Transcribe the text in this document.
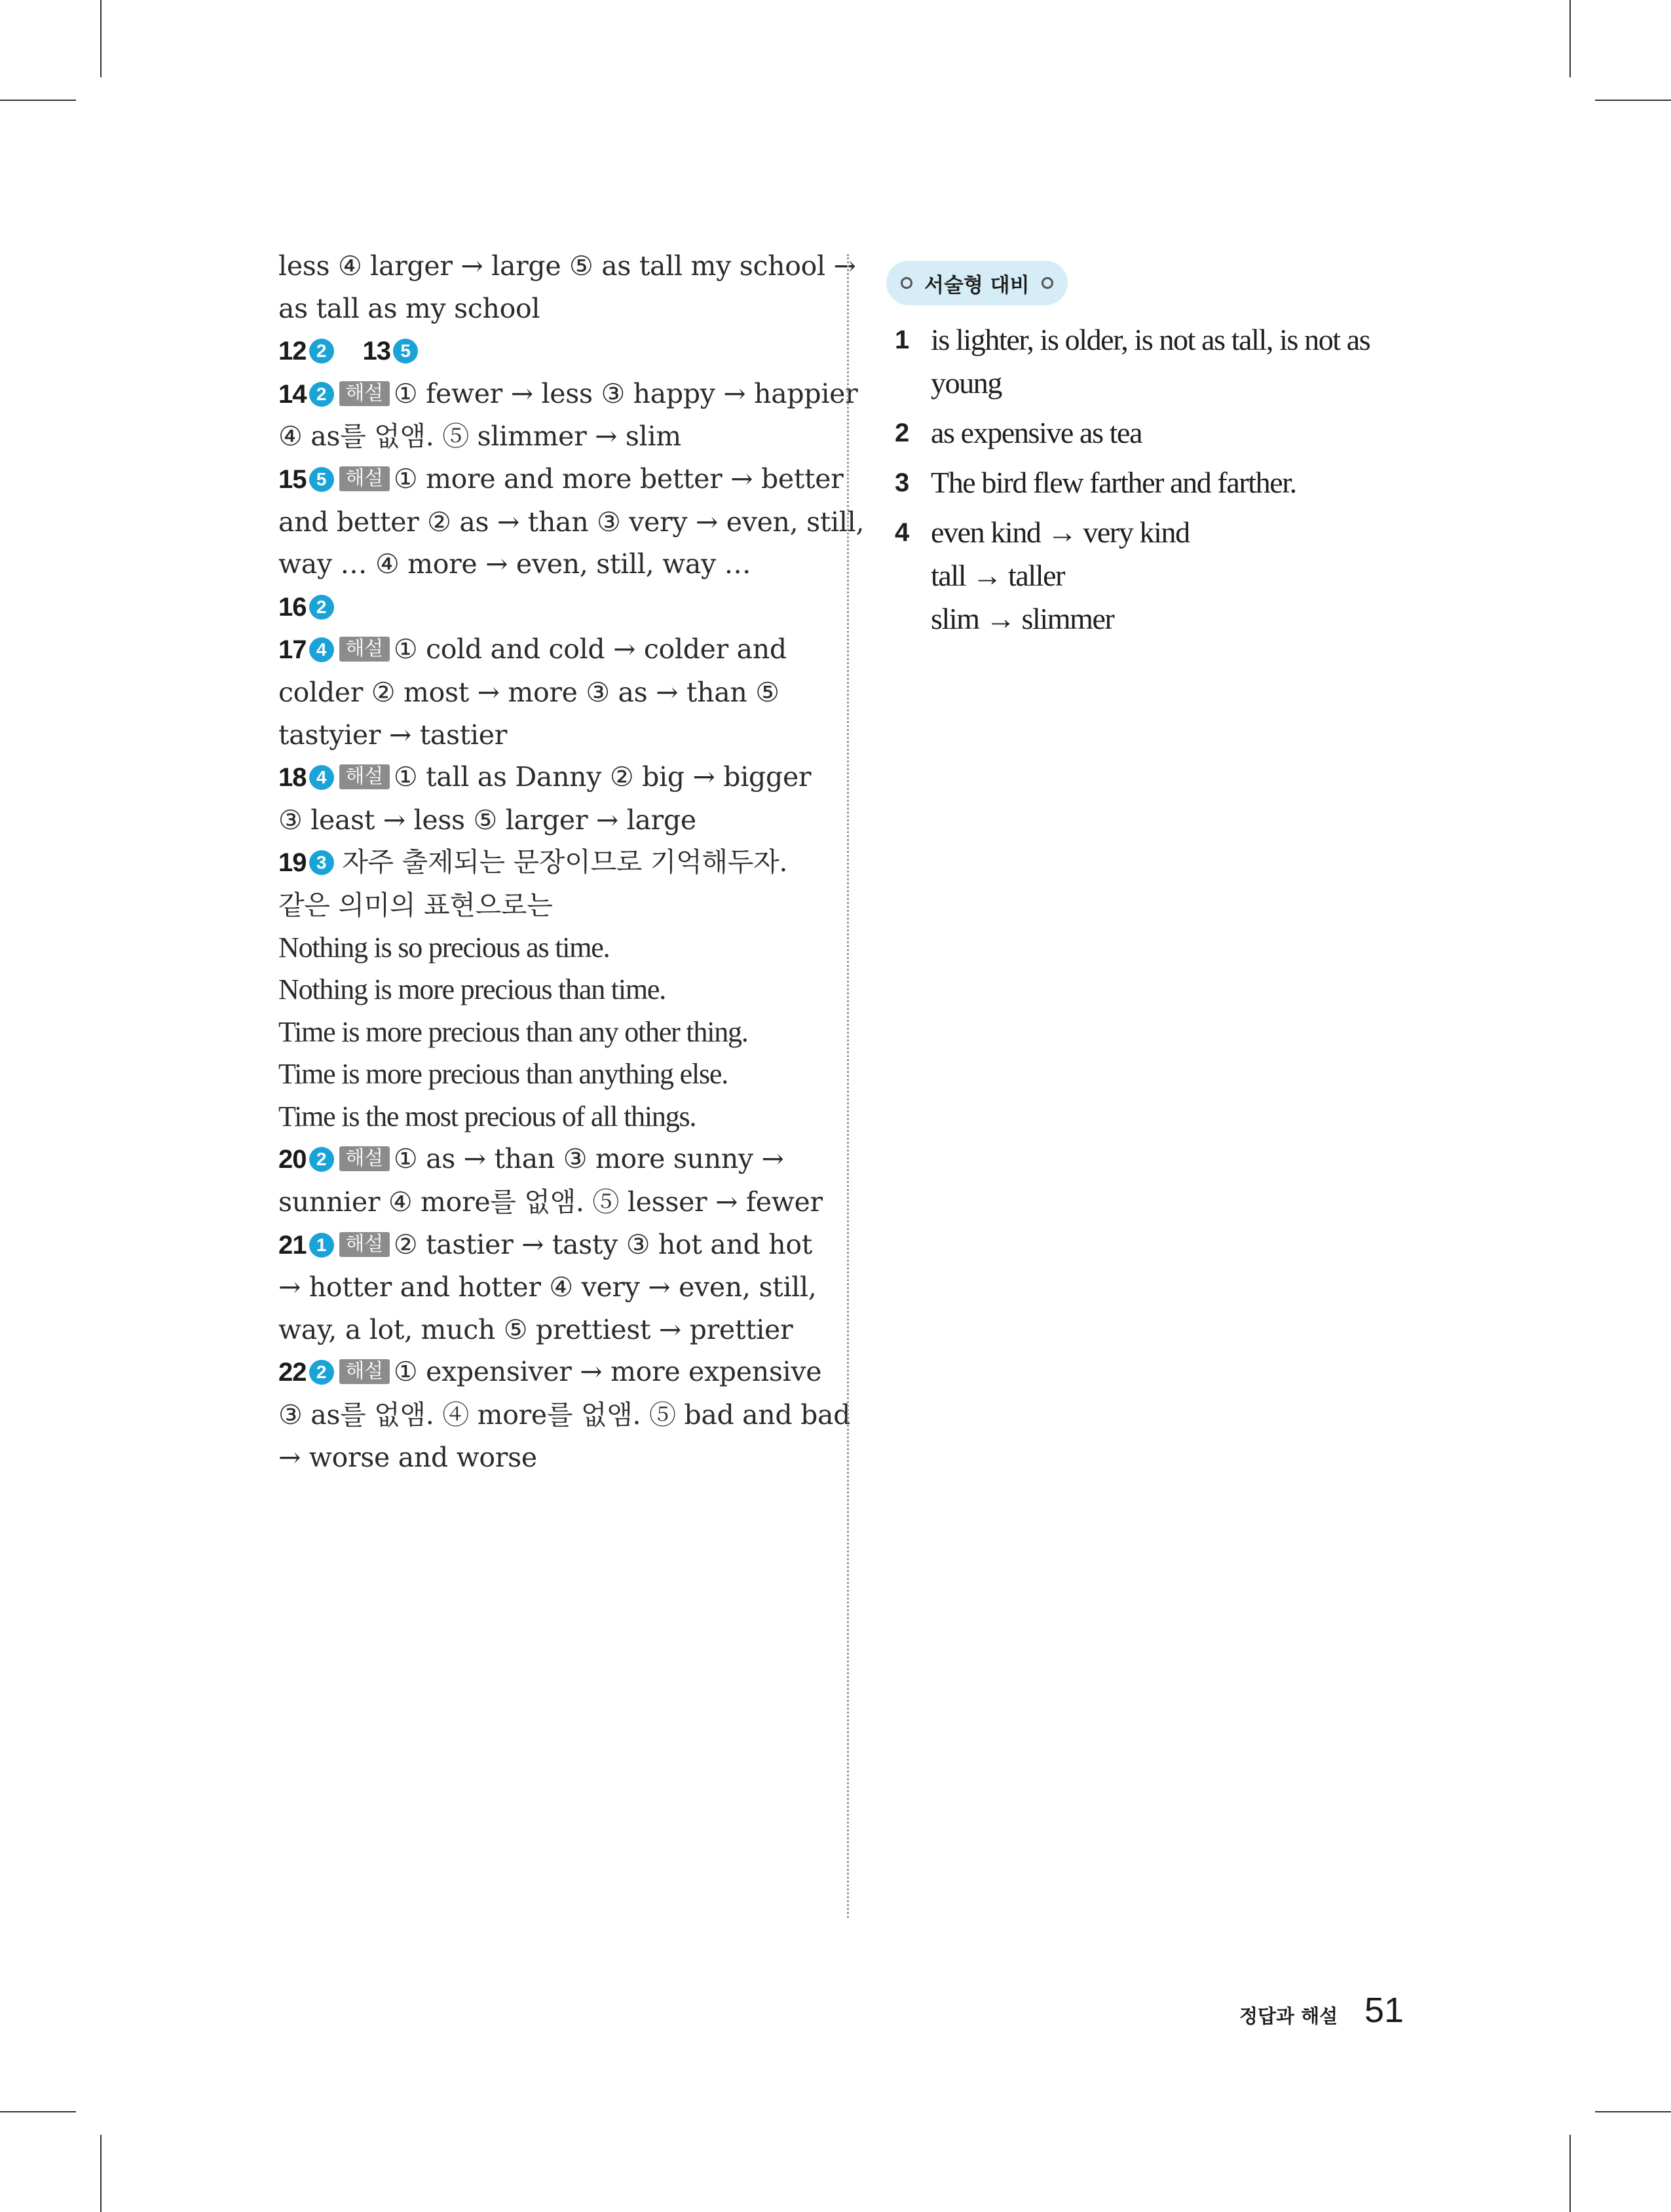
less ④ larger → large ⑤ as tall my school →
as tall as my school
12 2 13 5
14 2 해설 ① fewer → less ③ happy → happier
④ as를 없앰. ⑤ slimmer → slim
15 5 해설 ① more and more better → better
and better ② as → than ③ very → even, still,
way … ④ more → even, still, way …
16 2
17 4 해설 ① cold and cold → colder and
colder ② most → more ③ as → than ⑤
tastyier → tastier
18 4 해설 ① tall as Danny ② big → bigger
③ least → less ⑤ larger → large
19 3 자주 출제되는 문장이므로 기억해두자.
같은 의미의 표현으로는
Nothing is so precious as time.
Nothing is more precious than time.
Time is more precious than any other thing.
Time is more precious than anything else.
Time is the most precious of all things.
20 2 해설 ① as → than ③ more sunny →
sunnier ④ more를 없앰. ⑤ lesser → fewer
21 1 해설 ② tastier → tasty ③ hot and hot
→ hotter and hotter ④ very → even, still,
way, a lot, much ⑤ prettiest → prettier
22 2 해설 ① expensiver → more expensive
③ as를 없앰. ④ more를 없앰. ⑤ bad and bad
→ worse and worse
서술형 대비
1 is lighter, is older, is not as tall, is not as
young
2 as expensive as tea
3 The bird flew farther and farther.
4 even kind → very kind
tall → taller
slim → slimmer
정답과 해설 51
